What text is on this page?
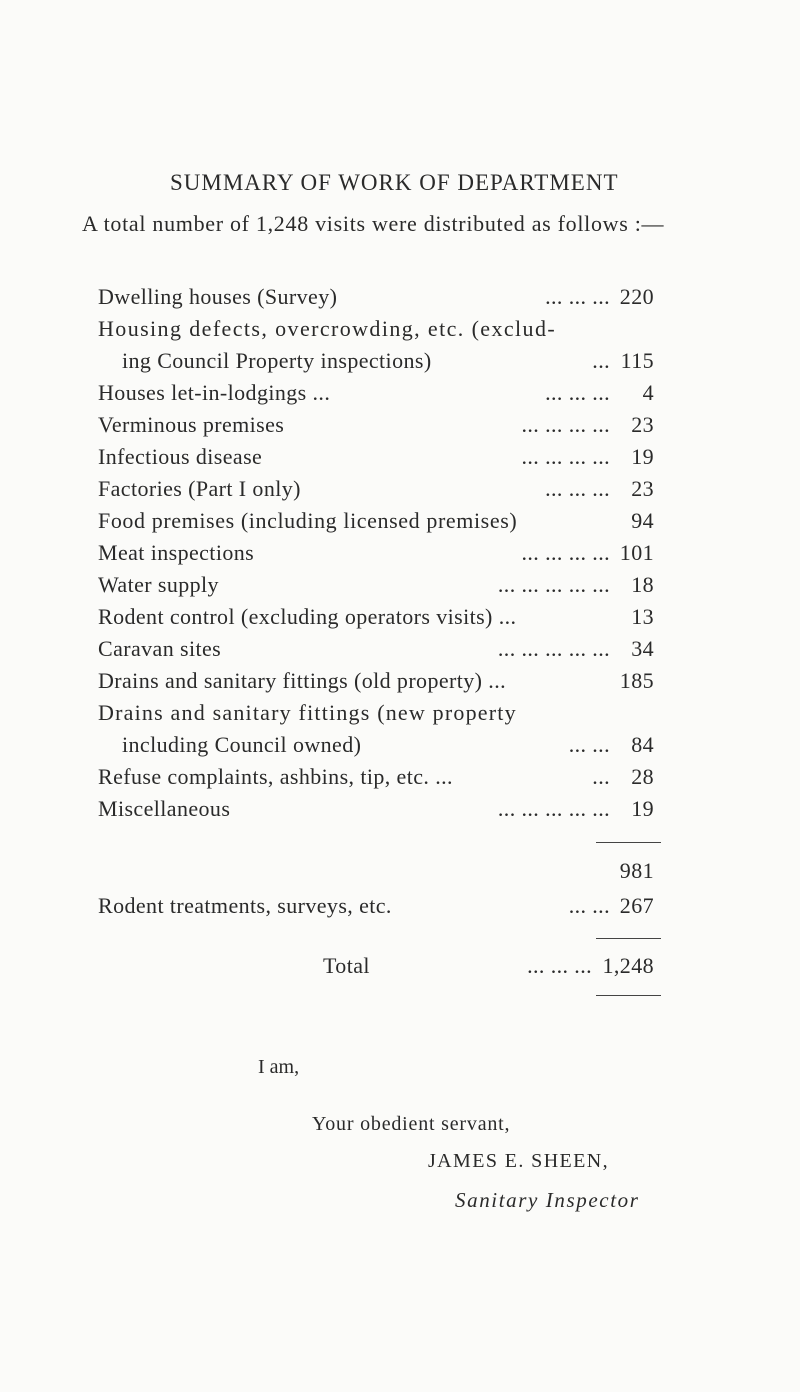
SUMMARY OF WORK OF DEPARTMENT
A total number of 1,248 visits were distributed as follows :—
Dwelling houses (Survey)	... ... ... 220
Housing defects, overcrowding, etc. (exclud-
ing Council Property inspections)	... 115
Houses let-in-lodgings ...	... ... ... 4
Verminous premises	... ... ... ... 23
Infectious disease	... ... ... ... 19
Factories (Part I only)	... ... ... 23
Food premises (including licensed premises)	94
Meat inspections	... ... ... ... 101
Water supply	... ... ... ... ... 18
Rodent control (excluding operators visits) ...	13
Caravan sites	... ... ... ... ... 34
Drains and sanitary fittings (old property) ...	185
Drains and sanitary fittings (new property
including Council owned)	... ... 84
Refuse complaints, ashbins, tip, etc. ...	... 28
Miscellaneous	... ... ... ... ... 19
981
Rodent treatments, surveys, etc.	... ... 267
Total	... ... ... 1,248
I am,
Your obedient servant,
JAMES E. SHEEN,
Sanitary Inspector
